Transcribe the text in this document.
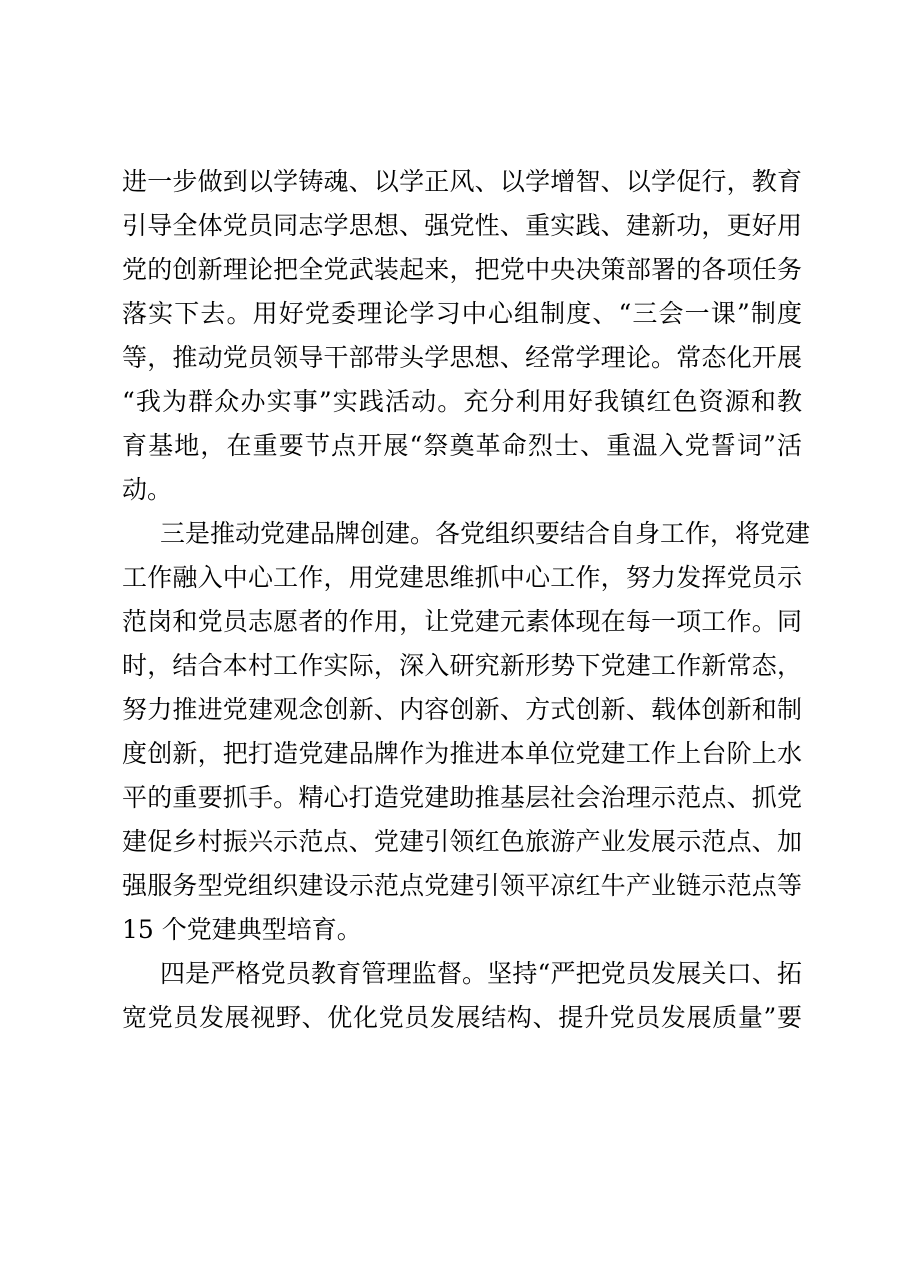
进一步做到以学铸魂、以学正风、以学增智、以学促行，教育
引导全体党员同志学思想、强党性、重实践、建新功，更好用
党的创新理论把全党武装起来，把党中央决策部署的各项任务
落实下去。用好党委理论学习中心组制度、“三会一课”制度
等，推动党员领导干部带头学思想、经常学理论。常态化开展
“我为群众办实事”实践活动。充分利用好我镇红色资源和教
育基地，在重要节点开展“祭奠革命烈士、重温入党誓词”活
动。
三是推动党建品牌创建。各党组织要结合自身工作，将党建
工作融入中心工作，用党建思维抓中心工作，努力发挥党员示
范岗和党员志愿者的作用，让党建元素体现在每一项工作。同
时，结合本村工作实际，深入研究新形势下党建工作新常态，
努力推进党建观念创新、内容创新、方式创新、载体创新和制
度创新，把打造党建品牌作为推进本单位党建工作上台阶上水
平的重要抓手。精心打造党建助推基层社会治理示范点、抓党
建促乡村振兴示范点、党建引领红色旅游产业发展示范点、加
强服务型党组织建设示范点党建引领平凉红牛产业链示范点等
15 个党建典型培育。
四是严格党员教育管理监督。坚持“严把党员发展关口、拓
宽党员发展视野、优化党员发展结构、提升党员发展质量”要
